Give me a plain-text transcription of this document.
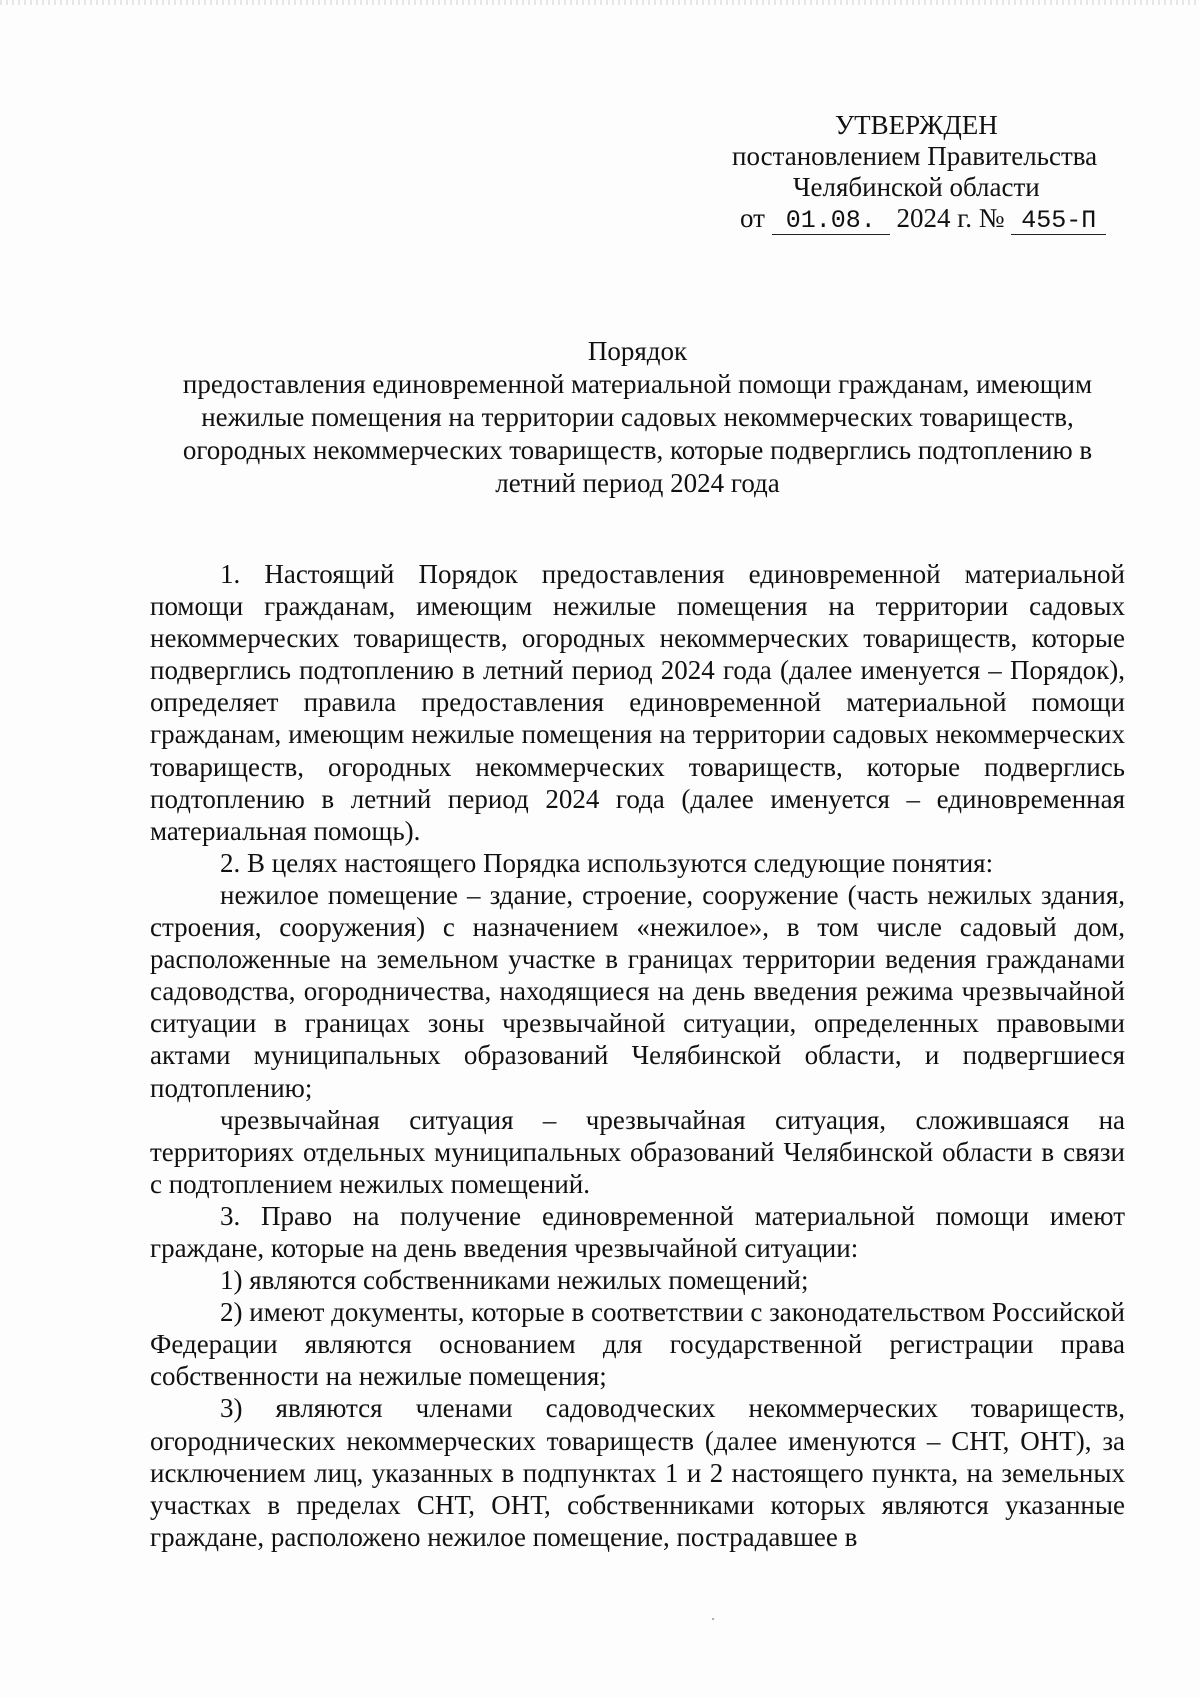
УТВЕРЖДЕН
постановлением Правительства
Челябинской области
от 01.08. 2024 г. № 455-П
Порядок
предоставления единовременной материальной помощи гражданам, имеющим нежилые помещения на территории садовых некоммерческих товариществ, огородных некоммерческих товариществ, которые подверглись подтоплению в летний период 2024 года

1. Настоящий Порядок предоставления единовременной материальной помощи гражданам, имеющим нежилые помещения на территории садовых некоммерческих товариществ, огородных некоммерческих товариществ, которые подверглись подтоплению в летний период 2024 года (далее именуется – Порядок), определяет правила предоставления единовременной материальной помощи гражданам, имеющим нежилые помещения на территории садовых некоммерческих товариществ, огородных некоммерческих товариществ, которые подверглись подтоплению в летний период 2024 года (далее именуется – единовременная материальная помощь).

2. В целях настоящего Порядка используются следующие понятия:

нежилое помещение – здание, строение, сооружение (часть нежилых здания, строения, сооружения) с назначением «нежилое», в том числе садовый дом, расположенные на земельном участке в границах территории ведения гражданами садоводства, огородничества, находящиеся на день введения режима чрезвычайной ситуации в границах зоны чрезвычайной ситуации, определенных правовыми актами муниципальных образований Челябинской области, и подвергшиеся подтоплению;

чрезвычайная ситуация – чрезвычайная ситуация, сложившаяся на территориях отдельных муниципальных образований Челябинской области в связи с подтоплением нежилых помещений.

3. Право на получение единовременной материальной помощи имеют граждане, которые на день введения чрезвычайной ситуации:

1) являются собственниками нежилых помещений;

2) имеют документы, которые в соответствии с законодательством Российской Федерации являются основанием для государственной регистрации права собственности на нежилые помещения;

3) являются членами садоводческих некоммерческих товариществ, огороднических некоммерческих товариществ (далее именуются – СНТ, ОНТ), за исключением лиц, указанных в подпунктах 1 и 2 настоящего пункта, на земельных участках в пределах СНТ, ОНТ, собственниками которых являются указанные граждане, расположено нежилое помещение, пострадавшее в
